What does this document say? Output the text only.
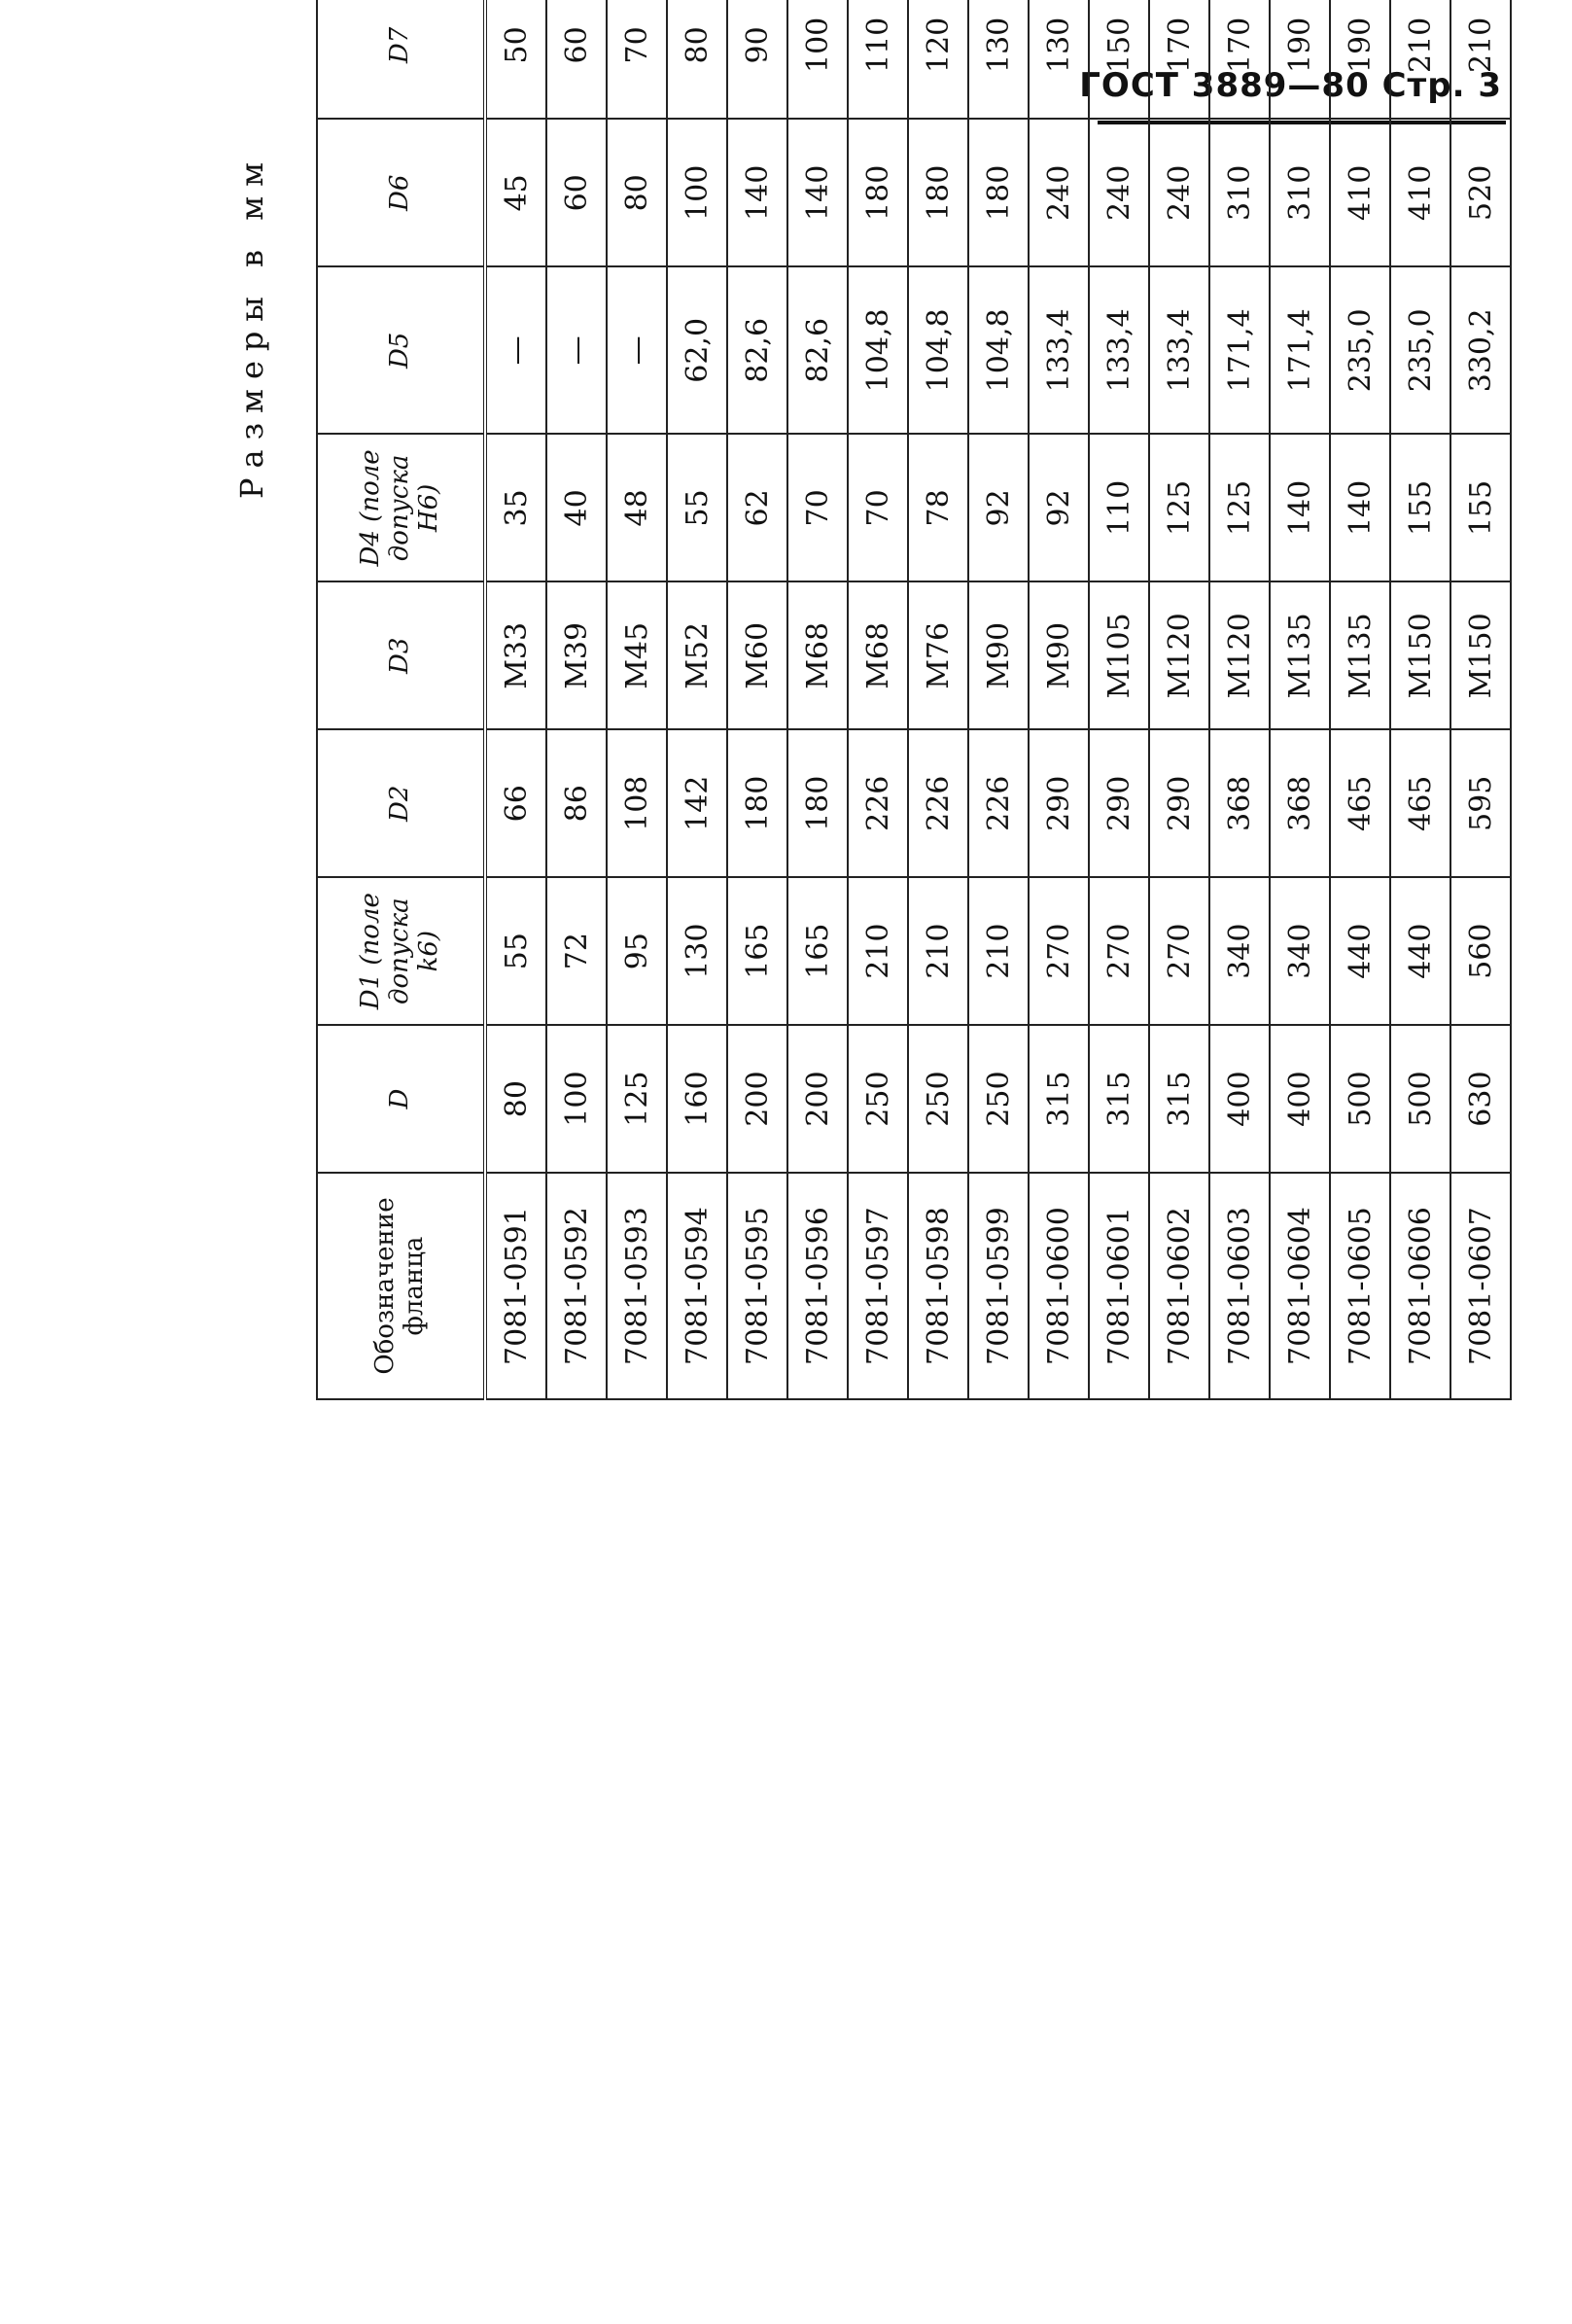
ГОСТ 3889—80 Стр. 3
Размеры в мм
Обозначение фланца	D	D1 (поле допуска k6)	D2	D3	D4 (поле допуска H6)	D5	D6	D7					
7081-0591	80	55	66	M33	35	—	45	50					
7081-0592	100	72	86	M39	40	—	60	60					
7081-0593	125	95	108	M45	48	—	80	70					
7081-0594	160	130	142	M52	55	62,0	100	80					
7081-0595	200	165	180	M60	62	82,6	140	90					
7081-0596	200	165	180	M68	70	82,6	140	100					
7081-0597	250	210	226	M68	70	104,8	180	110					
7081-0598	250	210	226	M76	78	104,8	180	120					
7081-0599	250	210	226	M90	92	104,8	180	130					
7081-0600	315	270	290	M90	92	133,4	240	130					
7081-0601	315	270	290	M105	110	133,4	240	150					
7081-0602	315	270	290	M120	125	133,4	240	170					
7081-0603	400	340	368	M120	125	171,4	310	170					
7081-0604	400	340	368	M135	140	171,4	310	190					
7081-0605	500	440	465	M135	140	235,0	410	190					
7081-0606	500	440	465	M150	155	235,0	410	210					
7081-0607	630	560	595	M150	155	330,2	520	210					
